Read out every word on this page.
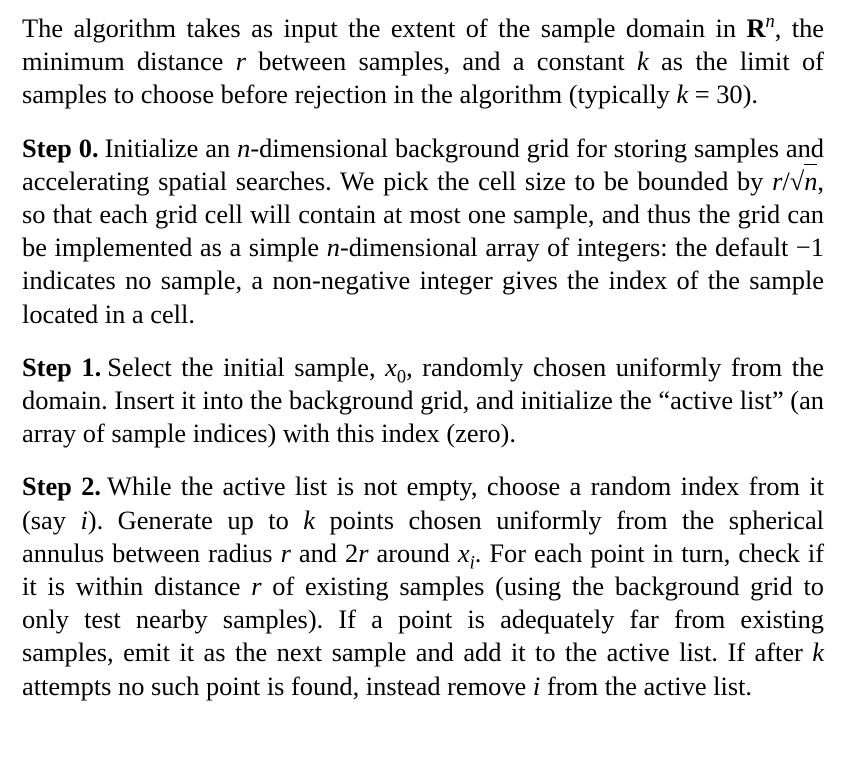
The algorithm takes as input the extent of the sample domain in $R^n$, the minimum distance r between samples, and a constant k as the limit of samples to choose before rejection in the algorithm (typically k = 30).

Step 0. Initialize an n-dimensional background grid for storing samples and accelerating spatial searches. We pick the cell size to be bounded by r/√n, so that each grid cell will contain at most one sample, and thus the grid can be implemented as a simple n-dimensional array of integers: the default −1 indicates no sample, a non-negative integer gives the index of the sample located in a cell.

Step 1. Select the initial sample, $x_0$, randomly chosen uniformly from the domain. Insert it into the background grid, and initialize the “active list” (an array of sample indices) with this index (zero).

Step 2. While the active list is not empty, choose a random index from it (say i). Generate up to k points chosen uniformly from the spherical annulus between radius r and 2r around $x_i$. For each point in turn, check if it is within distance r of existing samples (using the background grid to only test nearby samples). If a point is adequately far from existing samples, emit it as the next sample and add it to the active list. If after k attempts no such point is found, instead remove i from the active list.
